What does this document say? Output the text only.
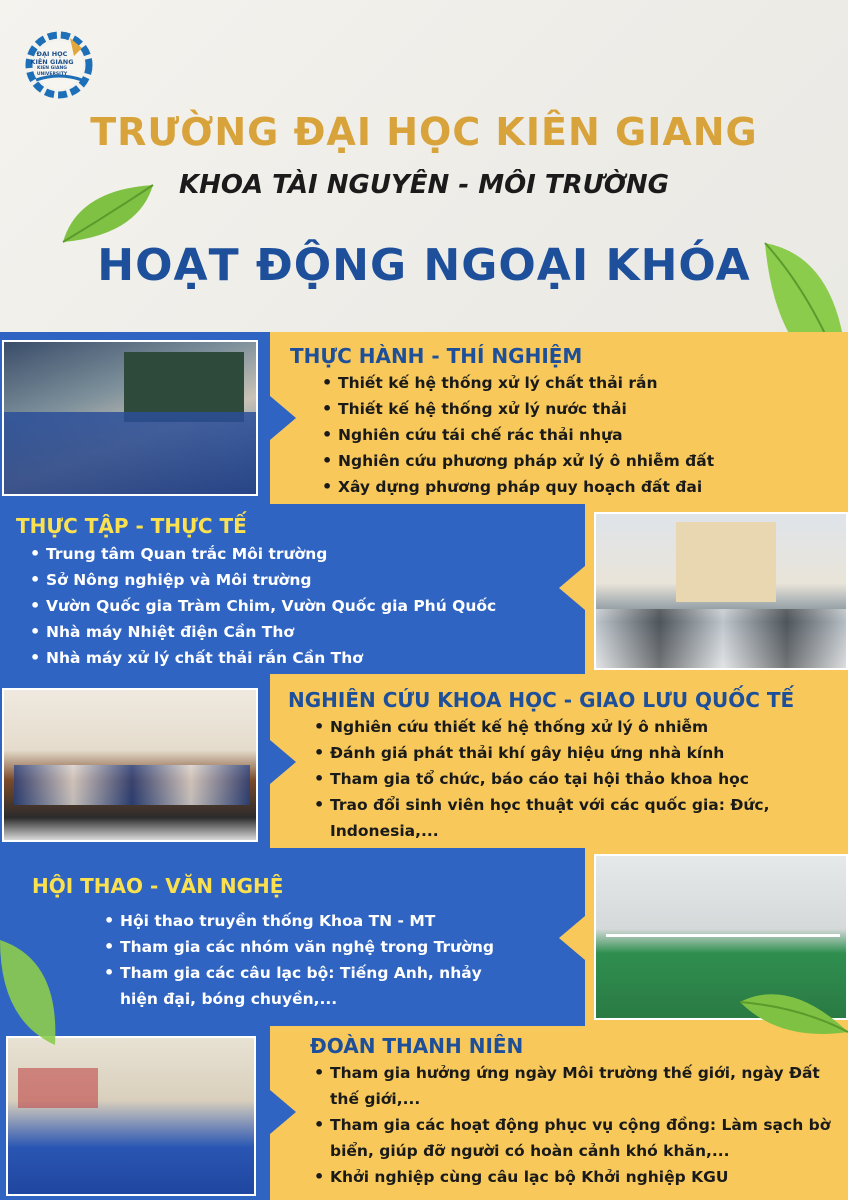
ĐẠI HỌC
KIÊN GIANG
KIEN GIANG UNIVERSITY
TRƯỜNG ĐẠI HỌC KIÊN GIANG
KHOA TÀI NGUYÊN - MÔI TRƯỜNG
HOẠT ĐỘNG NGOẠI KHÓA
THỰC HÀNH - THÍ NGHIỆM
• Thiết kế hệ thống xử lý chất thải rắn
• Thiết kế hệ thống xử lý nước thải
• Nghiên cứu tái chế rác thải nhựa
• Nghiên cứu phương pháp xử lý ô nhiễm đất
• Xây dựng phương pháp quy hoạch đất đai
THỰC TẬP - THỰC TẾ
• Trung tâm Quan trắc Môi trường
• Sở Nông nghiệp và Môi trường
• Vườn Quốc gia Tràm Chim, Vườn Quốc gia Phú Quốc
• Nhà máy Nhiệt điện Cần Thơ
• Nhà máy xử lý chất thải rắn Cần Thơ
NGHIÊN CỨU KHOA HỌC - GIAO LƯU QUỐC TẾ
• Nghiên cứu thiết kế hệ thống xử lý ô nhiễm
• Đánh giá phát thải khí gây hiệu ứng nhà kính
• Tham gia tổ chức, báo cáo tại hội thảo khoa học
• Trao đổi sinh viên học thuật với các quốc gia: Đức, Indonesia,...
HỘI THAO - VĂN NGHỆ
• Hội thao truyền thống Khoa TN - MT
• Tham gia các nhóm văn nghệ trong Trường
• Tham gia các câu lạc bộ: Tiếng Anh, nhảy hiện đại, bóng chuyền,...
ĐOÀN THANH NIÊN
• Tham gia hưởng ứng ngày Môi trường thế giới, ngày Đất thế giới,...
• Tham gia các hoạt động phục vụ cộng đồng: Làm sạch bờ biển, giúp đỡ người có hoàn cảnh khó khăn,...
• Khởi nghiệp cùng câu lạc bộ Khởi nghiệp KGU
